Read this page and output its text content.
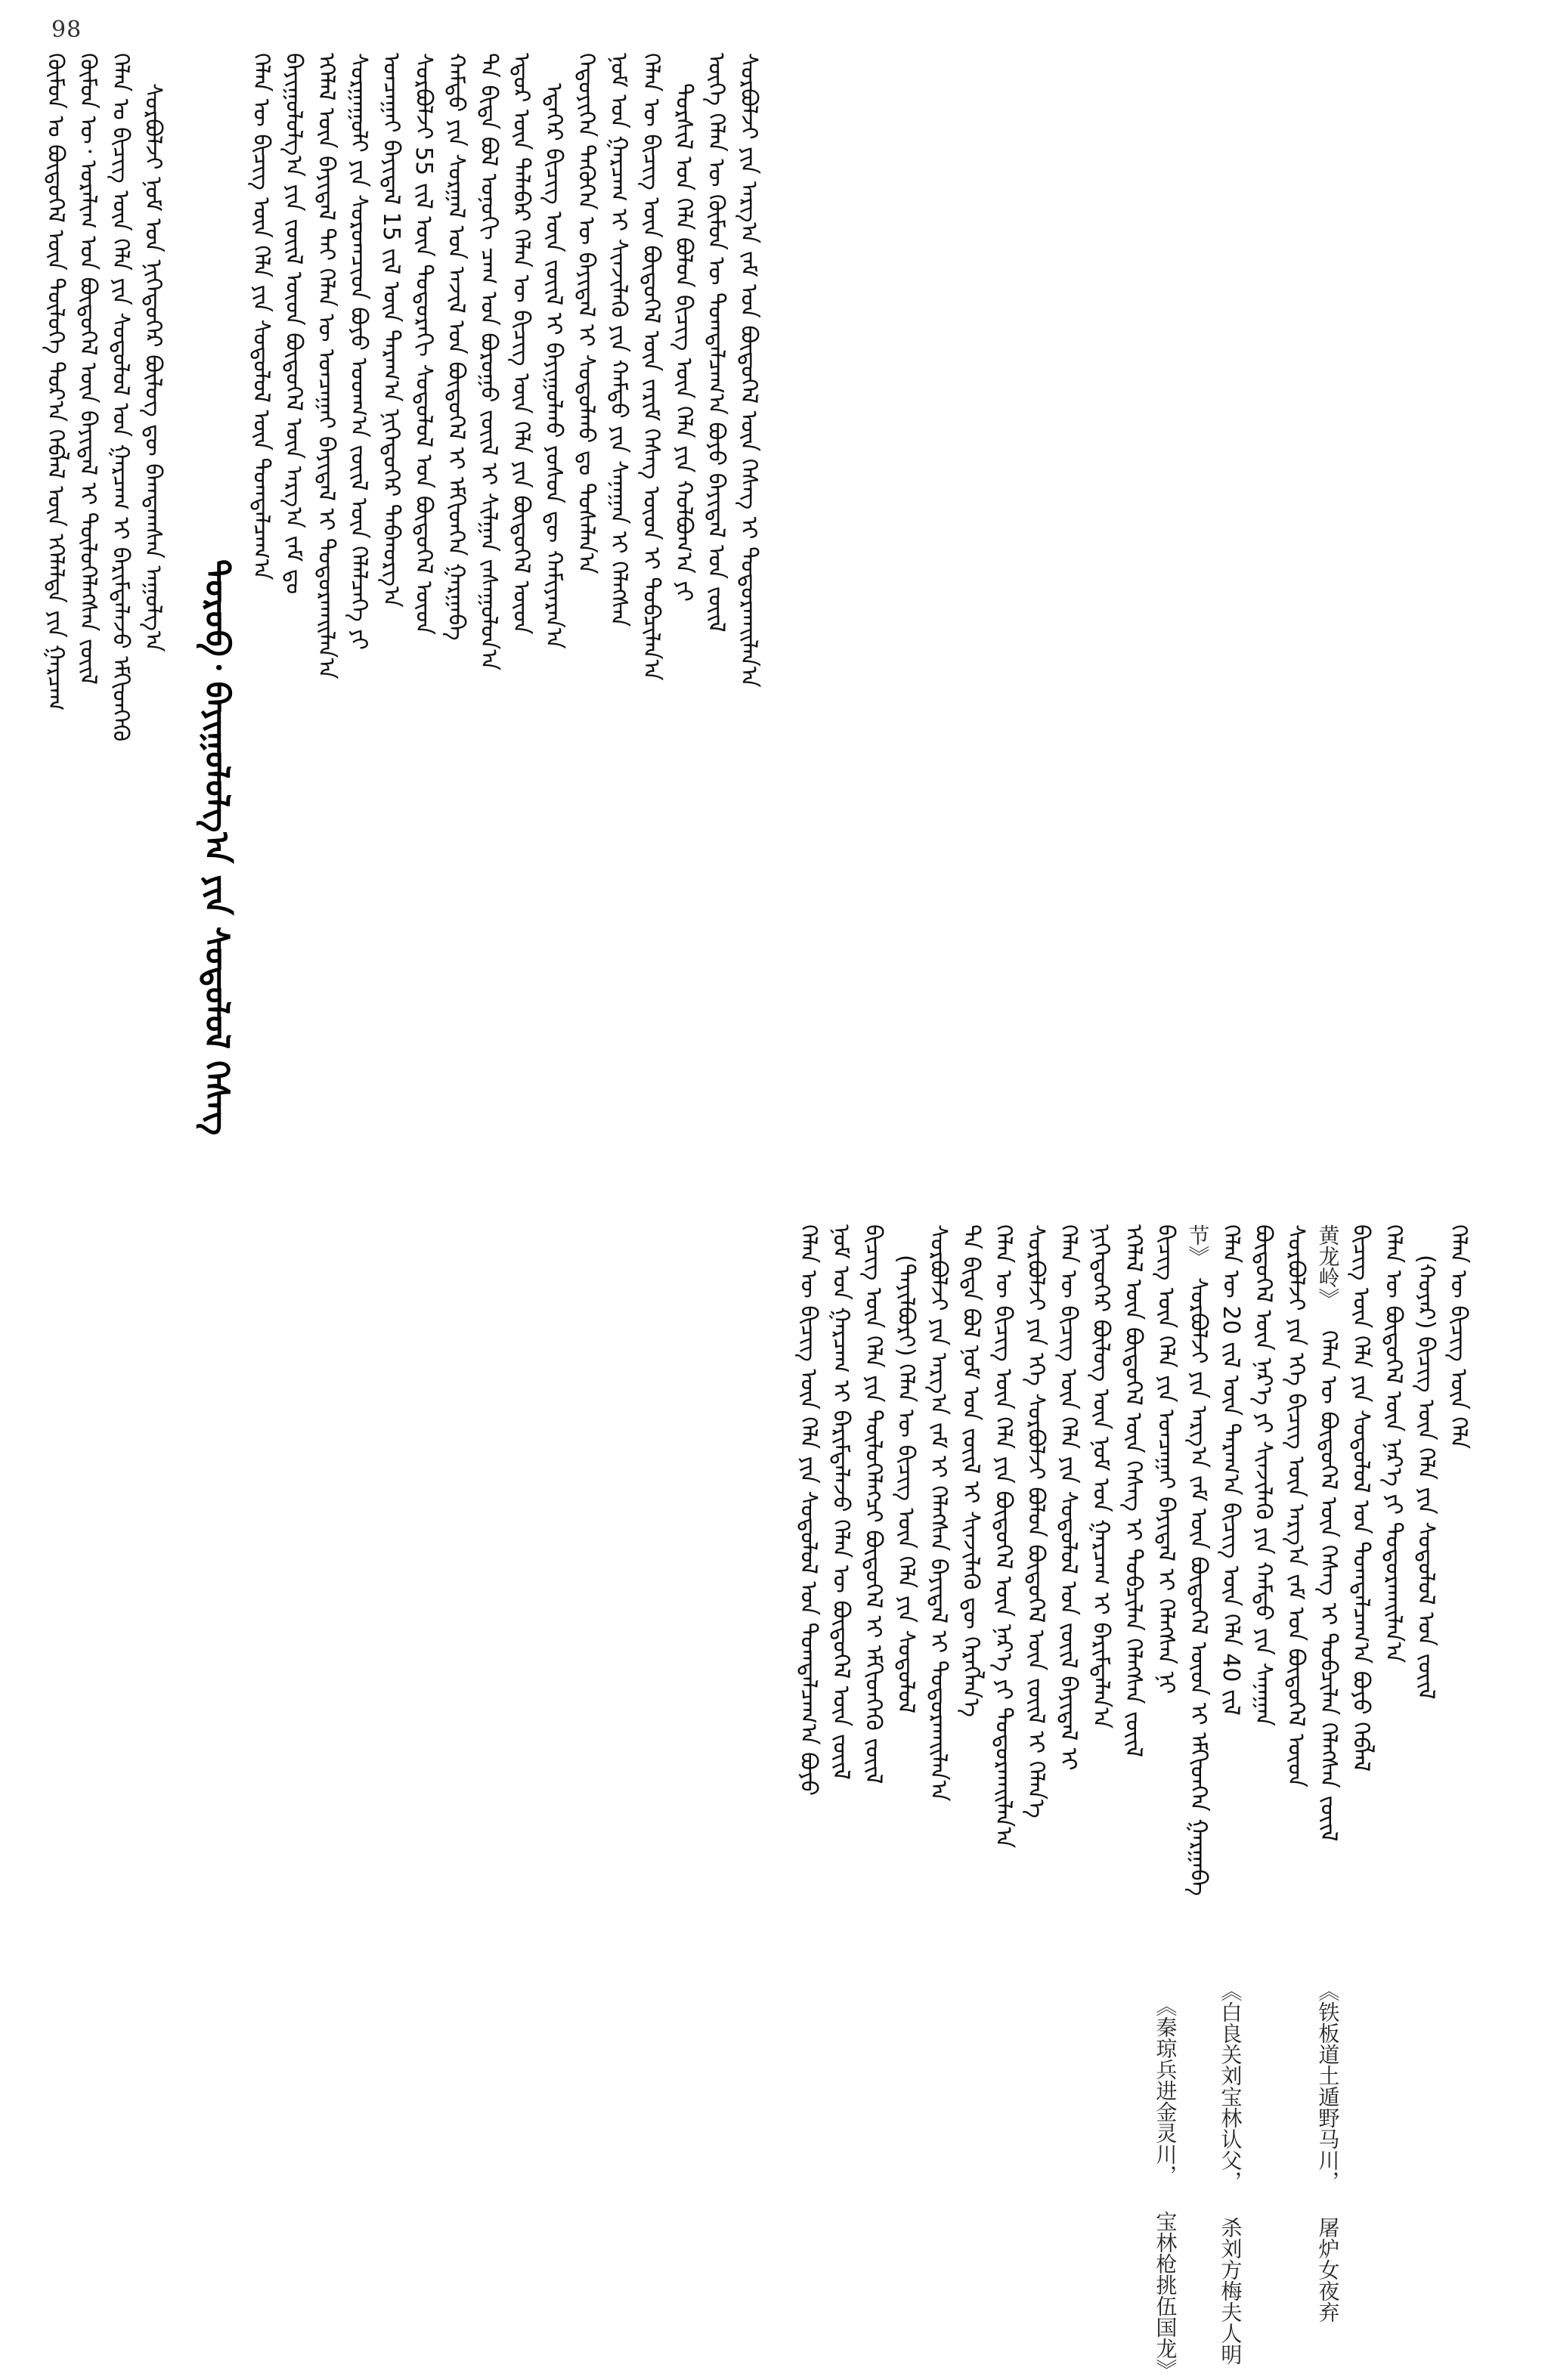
98
ᠬᠥᠮᠦᠨ ᠤ ᠪᠦᠲᠦᠭᠡᠯ ᠦᠨ ᠲᠥᠯᠥᠭᠡ ᠳᠤᠷ᠎ᠠ ᠬᠡᠪᠯᠡᠯ ᠦᠨ ᠡᠬᠡᠯᠡᠯᠲᠡ ᠶᠢᠨ ᠭᠠᠷᠴᠠᠭ ᠬᠦᠮᠦᠨ ᠦ᠂ ᠤᠷᠠᠯᠢᠭ ᠤᠨ ᠪᠦᠲᠦᠭᠡᠯ ᠦᠨ ᠪᠠᠶᠢᠳᠠᠯ ᠢ ᠲᠥᠯᠥᠭᠡᠯᠡᠭᠰᠡᠨ ᠵᠦᠢᠯ ᠬᠡᠯᠡᠨ ᠤ ᠪᠢᠴᠢᠭ ᠦᠨ ᠬᠡᠯᠡ ᠶᠢᠨ ᠰᠤᠳᠤᠯᠤᠯ ᠤᠨ ᠭᠠᠷᠴᠠᠭ ᠢ ᠪᠠᠷᠢᠮᠲᠠᠯᠠᠵᠤ ᠡᠮᠬᠢᠳᠬᠡᠬᠦ ᠰᠤᠷᠪᠤᠯᠵᠢ ᠨᠣᠮ ᠤᠨ ᠨᠢᠭᠡᠳᠦᠭᠡᠷ ᠪᠦᠯᠦᠭ ᠳᠦ ᠪᠠᠭᠲᠠᠭᠰᠠᠨ ᠠᠭᠤᠯᠭ᠎ᠠ
ᠳᠣᠷᠤᠪ᠂ ᠪᠠᠶᠢᠭᠤᠯᠤᠯᠭ᠎ᠠ ᠶᠢᠨ ᠰᠤᠳᠤᠯᠤᠯ ᠬᠡᠰᠡᠭ
ᠬᠡᠯᠡᠨ ᠦ ᠪᠢᠴᠢᠭ ᠦᠨ ᠬᠡᠯᠡ ᠶᠢᠨ ᠰᠤᠳᠤᠯᠤᠯ ᠦᠨ ᠲᠣᠭᠲᠠᠯᠴᠠᠭ᠎ᠠ ᠪᠠᠶᠢᠭᠤᠯᠤᠯᠭ᠎ᠠ ᠶᠢᠨ ᠵᠦᠢᠯ ᠦᠳ ᠪᠦᠲᠦᠭᠡᠯ ᠦᠨ ᠠᠷᠭ᠎ᠠ ᠵᠠᠮ ᠳᠤ ᠡᠬᠡᠯᠡᠯ ᠦᠨ ᠪᠠᠶᠢᠳᠠᠯ ᠲᠠᠢ ᠬᠡᠯᠡᠨ ᠦ ᠤᠨᠴᠠᠭᠠᠢ ᠪᠠᠶᠢᠳᠠᠯ ᠢ ᠲᠣᠳᠣᠷᠬᠠᠢᠯᠠᠨ᠎ᠠ ᠰᠤᠷᠭᠠᠭᠤᠯᠢ ᠶᠢᠨ ᠰᠤᠷᠤᠭᠴᠢᠳ ᠪᠤᠶᠤ ᠤᠳᠬ᠎ᠠ ᠵᠦᠢᠯ ᠦᠨ ᠬᠡᠯᠡᠯᠴᠡᠭᠡ ᠶᠢ ᠣᠨᠴᠠᠭᠠᠢ ᠪᠠᠶᠢᠳᠠᠯ 15 ᠵᠢᠯ ᠦᠨ ᠳᠠᠷᠠᠭ᠎ᠠ ᠨᠢᠭᠡᠳᠦᠭᠡᠷ ᠳᠠᠪᠬᠤᠷᠭ᠎ᠠ ᠰᠤᠷᠪᠤᠯᠵᠢ 55 ᠵᠢᠯ ᠦᠨ ᠳᠣᠳᠣᠷᠠᠬᠢ ᠰᠤᠳᠤᠯᠤᠯ ᠤᠨ ᠪᠦᠲᠦᠭᠡᠯ ᠦᠳ ᠬᠠᠮᠲᠤ ᠶᠢᠨ ᠰᠤᠷᠭᠠᠯ ᠤᠨ ᠠᠵᠢᠯ ᠤᠨ ᠪᠦᠲᠦᠭᠡᠯ ᠢ ᠡᠮᠬᠢᠳᠬᠡᠨ ᠭᠠᠷᠭᠠᠪᠠ ᠲᠠ ᠪᠢᠳᠡ ᠪᠣᠯ ᠤᠨᠤᠬᠢ ᠴᠠᠭ ᠤᠨ ᠪᠤᠷᠤᠭᠤ ᠵᠦᠢᠯ ᠢ ᠰᠢᠯᠭᠠᠨ ᠵᠠᠰᠠᠭᠤᠯᠤᠨ᠎ᠠ ᠡᠳᠦᠷ ᠦᠨ ᠲᠠᠯᠠᠪᠠᠷ ᠬᠡᠯᠡᠨ ᠦ ᠪᠢᠴᠢᠭ ᠦᠨ ᠬᠡᠯᠡ ᠶᠢᠨ ᠪᠦᠲᠦᠭᠡᠯ ᠦᠳ ᠡᠳᠡᠭᠡᠷ ᠪᠢᠴᠢᠭ ᠦᠨ ᠵᠦᠢᠯ ᠢ ᠪᠠᠶᠢᠭᠤᠯᠬᠤ ᠶᠤᠰᠤᠨ ᠳᠦ ᠬᠠᠮᠢᠶᠠᠷᠠᠨ᠎ᠠ ᠬᠡᠳᠦᠶᠢᠬᠡᠨ ᠲᠡᠭᠦᠬᠡᠨ ᠦ ᠪᠠᠶᠢᠳᠠᠯ ᠢ ᠰᠤᠳᠤᠯᠬᠤ ᠳᠤ ᠲᠤᠰᠠᠯᠠᠨ᠎ᠠ ᠨᠣᠮ ᠤᠨ ᠭᠠᠷᠴᠠᠭ ᠢ ᠰᠢᠨᠵᠢᠯᠡᠬᠦ ᠶᠢᠨ ᠬᠠᠮᠲᠤ ᠶᠢᠨ ᠰᠠᠨᠠᠭᠠᠨ ᠢ ᠬᠡᠯᠡᠭᠰᠡᠨ ᠬᠡᠯᠡᠨ ᠦ ᠪᠢᠴᠢᠭ ᠦᠨ ᠪᠦᠲᠦᠭᠡᠯ ᠦᠨ ᠵᠠᠷᠢᠮ ᠬᠡᠰᠡᠭ ᠦᠳ ᠢ ᠲᠣᠪᠴᠢᠯᠠᠨ᠎ᠠ ᠳᠤᠷᠰᠢᠯ ᠤᠨ ᠬᠡᠯᠡ ᠪᠣᠯᠤᠨ ᠪᠢᠴᠢᠭ ᠦᠨ ᠬᠡᠯᠡ ᠶᠢᠨ ᠬᠣᠯᠪᠣᠭ᠎ᠠ ᠶᠢ ᠦᠬᠡ ᠬᠡᠯᠡᠨ ᠦ ᠬᠦᠮᠦᠨ ᠦ ᠲᠣᠭᠲᠠᠯᠴᠠᠭ᠎ᠠ ᠪᠤᠶᠤ ᠪᠠᠶᠢᠳᠠᠯ ᠤᠨ ᠵᠦᠢᠯ ᠰᠤᠷᠪᠤᠯᠵᠢ ᠶᠢᠨ ᠠᠷᠭ᠎ᠠ ᠵᠠᠮ ᠤᠨ ᠪᠦᠲᠦᠭᠡᠯ ᠦᠨ ᠬᠡᠰᠡᠭ ᠢ ᠲᠣᠳᠣᠷᠬᠠᠢᠯᠠᠨ᠎ᠠ
ᠬᠡᠯᠡᠨ ᠦ ᠪᠢᠴᠢᠭ ᠦᠨ ᠬᠡᠯᠡ ᠶᠢᠨ ᠰᠤᠳᠤᠯᠤᠯ ᠤᠨ ᠲᠣᠭᠲᠠᠯᠴᠠᠭ᠎ᠠ ᠪᠤᠶᠤ ᠨᠣᠮ ᠤᠨ ᠭᠠᠷᠴᠠᠭ ᠢ ᠪᠠᠷᠢᠮᠲᠠᠯᠠᠵᠤ ᠬᠡᠯᠡᠨ ᠦ ᠪᠦᠲᠦᠭᠡᠯ ᠦᠨ ᠵᠦᠢᠯ ᠪᠢᠴᠢᠭ ᠦᠨ ᠬᠡᠯᠡ ᠶᠢᠨ ᠲᠥᠯᠥᠭᠡᠯᠡᠭᠴᠢ ᠪᠦᠲᠦᠭᠡᠯ ᠢ ᠡᠮᠬᠢᠳᠬᠡᠬᠦ ᠵᠦᠢᠯ (ᠲᠠᠶᠢᠯᠪᠤᠷᠢ) ᠬᠡᠯᠡᠨ ᠦ ᠪᠢᠴᠢᠭ ᠦᠨ ᠬᠡᠯᠡ ᠶᠢᠨ ᠰᠤᠳᠤᠯᠤᠯ ᠰᠤᠷᠪᠤᠯᠵᠢ ᠶᠢᠨ ᠠᠷᠭ᠎ᠠ ᠵᠠᠮ ᠢ ᠬᠡᠯᠡᠭᠰᠡᠨ ᠪᠠᠶᠢᠳᠠᠯ ᠢ ᠲᠣᠳᠣᠷᠬᠠᠢᠯᠠᠨ᠎ᠠ ᠲᠠ ᠪᠢᠳᠡ ᠪᠣᠯ ᠨᠣᠮ ᠤᠨ ᠵᠦᠢᠯ ᠢ ᠰᠢᠨᠵᠢᠯᠡᠬᠦ ᠳᠦ ᠬᠡᠷᠡᠭᠯᠡᠨ᠎ᠡ ᠬᠡᠯᠡᠨ ᠦ ᠪᠢᠴᠢᠭ ᠦᠨ ᠬᠡᠯᠡ ᠶᠢᠨ ᠪᠦᠲᠦᠭᠡᠯ ᠦᠨ ᠨᠡᠷ᠎ᠡ ᠶᠢ ᠲᠣᠳᠣᠷᠬᠠᠢᠯᠠᠨ᠎ᠠ ᠰᠤᠷᠪᠤᠯᠵᠢ ᠶᠢᠨ ᠡᠬᠡ ᠰᠤᠷᠪᠤᠯᠵᠢ ᠪᠣᠯᠤᠨ ᠪᠦᠲᠦᠭᠡᠯ ᠦᠨ ᠵᠦᠢᠯ ᠢ ᠬᠡᠯᠡᠨ᠎ᠡ ᠬᠡᠯᠡᠨ ᠦ ᠪᠢᠴᠢᠭ ᠦᠨ ᠬᠡᠯᠡ ᠶᠢᠨ ᠰᠤᠳᠤᠯᠤᠯ ᠤᠨ ᠵᠦᠢᠯ ᠪᠠᠶᠢᠳᠠᠯ ᠢ ᠨᠢᠭᠡᠳᠦᠭᠡᠷ ᠪᠦᠯᠦᠭ ᠦᠨ ᠨᠣᠮ ᠤᠨ ᠭᠠᠷᠴᠠᠭ ᠢ ᠪᠠᠷᠢᠮᠲᠠᠯᠠᠨ᠎ᠠ ᠡᠬᠡᠯᠡᠯ ᠦᠨ ᠪᠦᠲᠦᠭᠡᠯ ᠦᠨ ᠬᠡᠰᠡᠭ ᠢ ᠲᠣᠪᠴᠢᠯᠠᠨ ᠬᠡᠯᠡᠭᠰᠡᠨ ᠵᠦᠢᠯ
《秦琼兵进金灵川， 宝林枪挑伍国龙》
ᠪᠢᠴᠢᠭ ᠦᠨ ᠬᠡᠯᠡ ᠶᠢᠨ ᠣᠨᠴᠠᠭᠠᠢ ᠪᠠᠶᠢᠳᠠᠯ ᠢ ᠬᠡᠯᠡᠭᠰᠡᠨ ᠨᠢ 节》
ᠰᠤᠷᠪᠤᠯᠵᠢ ᠶᠢᠨ ᠠᠷᠭ᠎ᠠ ᠵᠠᠮ ᠦᠨ ᠪᠦᠲᠦᠭᠡᠯ ᠦᠳ ᠢ ᠡᠮᠬᠢᠳᠬᠡᠨ ᠭᠠᠷᠭᠠᠪᠠ ᠬᠡᠯᠡᠨ ᠦ 20 ᠵᠢᠯ ᠦᠨ ᠳᠠᠷᠠᠭ᠎ᠠ ᠪᠢᠴᠢᠭ ᠦᠨ ᠬᠡᠯᠡ 40 ᠵᠢᠯ
《白良关刘宝林认父， 杀刘方梅夫人明
ᠪᠦᠲᠦᠭᠡᠯ ᠦᠨ ᠨᠡᠷ᠎ᠡ ᠶᠢ ᠰᠢᠨᠵᠢᠯᠡᠬᠦ ᠶᠢᠨ ᠬᠠᠮᠲᠤ ᠶᠢᠨ ᠰᠠᠨᠠᠭᠠᠨ ᠰᠤᠷᠪᠤᠯᠵᠢ ᠶᠢᠨ ᠡᠬᠡ ᠪᠢᠴᠢᠭ ᠦᠨ ᠠᠷᠭ᠎ᠠ ᠵᠠᠮ ᠤᠨ ᠪᠦᠲᠦᠭᠡᠯ ᠦᠳ 黄龙岭》
ᠬᠡᠯᠡᠨ ᠦ ᠪᠦᠲᠦᠭᠡᠯ ᠦᠨ ᠬᠡᠰᠡᠭ ᠢ ᠲᠣᠪᠴᠢᠯᠠᠨ ᠬᠡᠯᠡᠭᠰᠡᠨ ᠵᠦᠢᠯ
《铁板道土遁野马川， 屠炉女夜弃
ᠪᠢᠴᠢᠭ ᠦᠨ ᠬᠡᠯᠡ ᠶᠢᠨ ᠰᠤᠳᠤᠯᠤᠯ ᠤᠨ ᠲᠣᠭᠲᠠᠯᠴᠠᠭ᠎ᠠ ᠪᠤᠶᠤ ᠬᠡᠪᠯᠡᠯ ᠬᠡᠯᠡᠨ ᠦ ᠪᠦᠲᠦᠭᠡᠯ ᠦᠨ ᠨᠡᠷ᠎ᠡ ᠶᠢ ᠲᠣᠳᠣᠷᠬᠠᠢᠯᠠᠨ᠎ᠠ (ᠬᠣᠶᠠᠷ) ᠪᠢᠴᠢᠭ ᠦᠨ ᠬᠡᠯᠡ ᠶᠢᠨ ᠰᠤᠳᠤᠯᠤᠯ ᠤᠨ ᠵᠦᠢᠯ ᠬᠡᠯᠡᠨ ᠦ ᠪᠢᠴᠢᠭ ᠦᠨ ᠬᠡᠯᠡ
